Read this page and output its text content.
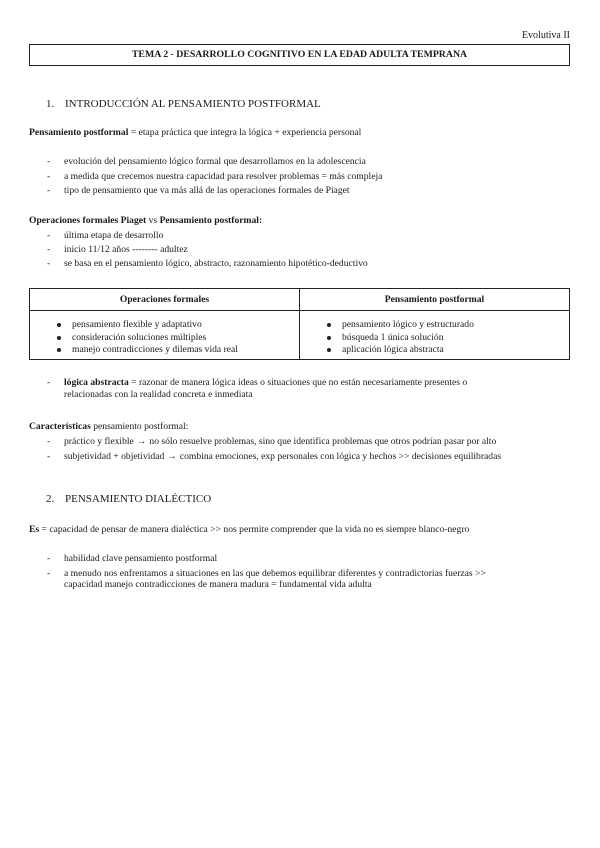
Evolutiva II
TEMA 2 - DESARROLLO COGNITIVO EN LA EDAD ADULTA TEMPRANA
1. INTRODUCCIÓN AL PENSAMIENTO POSTFORMAL
Pensamiento postformal = etapa práctica que integra la lógica + experiencia personal
- evolución del pensamiento lógico formal que desarrollamos en la adolescencia
- a medida que crecemos nuestra capacidad para resolver problemas = más compleja
- tipo de pensamiento que va más allá de las operaciones formales de Piaget
Operaciones formales Piaget vs Pensamiento postformal:
- última etapa de desarrollo
- inicio 11/12 años -------- adultez
- se basa en el pensamiento lógico, abstracto, razonamiento hipotético-deductivo
Operaciones formales
pensamiento flexible y adaptativo
consideración soluciones múltiples
manejo contradicciones y dilemas vida real
Pensamiento postformal
pensamiento lógico y estructurado
búsqueda 1 única solución
aplicación lógica abstracta
- lógica abstracta = razonar de manera lógica ideas o situaciones que no están necesariamente presentes o
relacionadas con la realidad concreta e inmediata
Características pensamiento postformal:
- práctico y flexible → no sólo resuelve problemas, sino que identifica problemas que otros podrían pasar por alto
- subjetividad + objetividad → combina emociones, exp personales con lógica y hechos >> decisiones equilibradas
2. PENSAMIENTO DIALÉCTICO
Es = capacidad de pensar de manera dialéctica >> nos permite comprender que la vida no es siempre blanco-negro
- habilidad clave pensamiento postformal
- a menudo nos enfrentamos a situaciones en las que debemos equilibrar diferentes y contradictorias fuerzas >>
capacidad manejo contradicciones de manera madura = fundamental vida adulta
